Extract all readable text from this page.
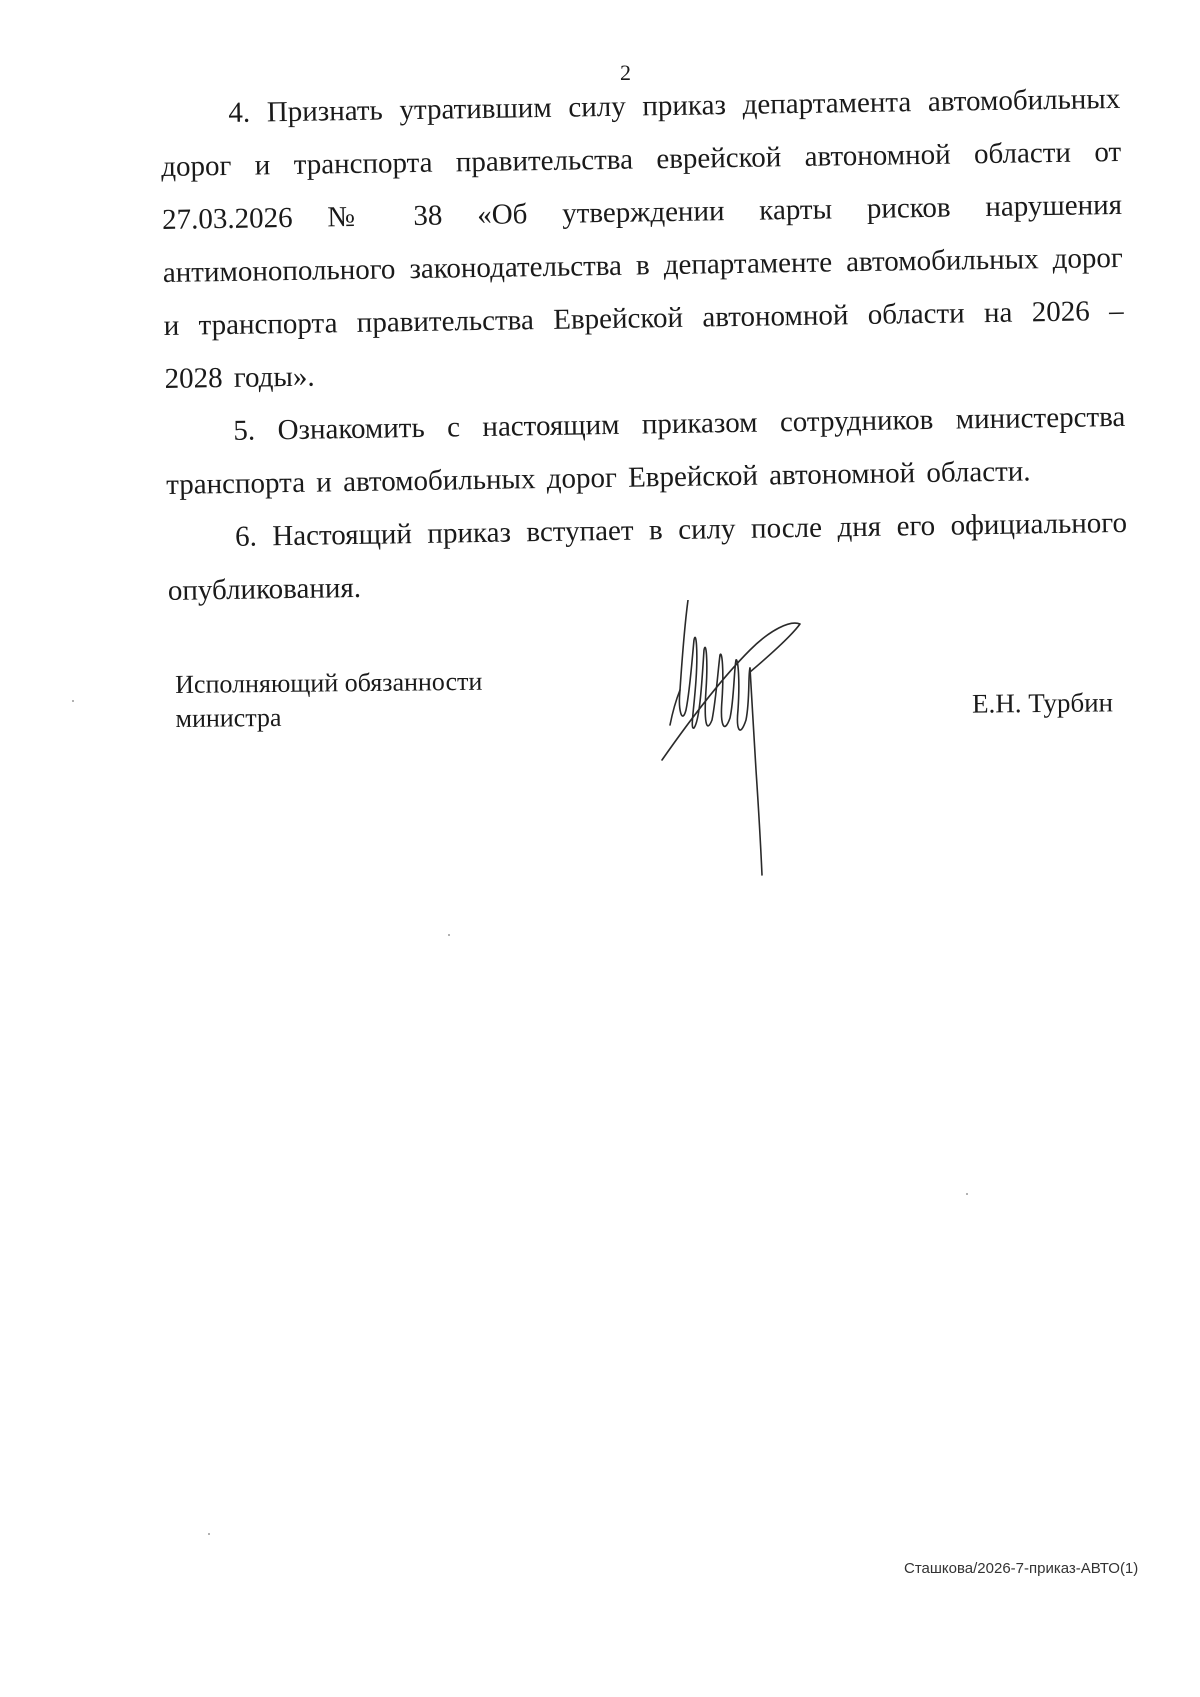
2

4. Признать утратившим силу приказ департамента автомобильных дорог и транспорта правительства еврейской автономной области от 27.03.2026 № 38 «Об утверждении карты рисков нарушения антимонопольного законодательства в департаменте автомобильных дорог и транспорта правительства Еврейской автономной области на 2026 – 2028 годы».

5. Ознакомить с настоящим приказом сотрудников министерства транспорта и автомобильных дорог Еврейской автономной области.

6. Настоящий приказ вступает в силу после дня его официального опубликования.

Исполняющий обязанности
министра	Е.Н. Турбин
Сташкова/2026-7-приказ-АВТО(1)
